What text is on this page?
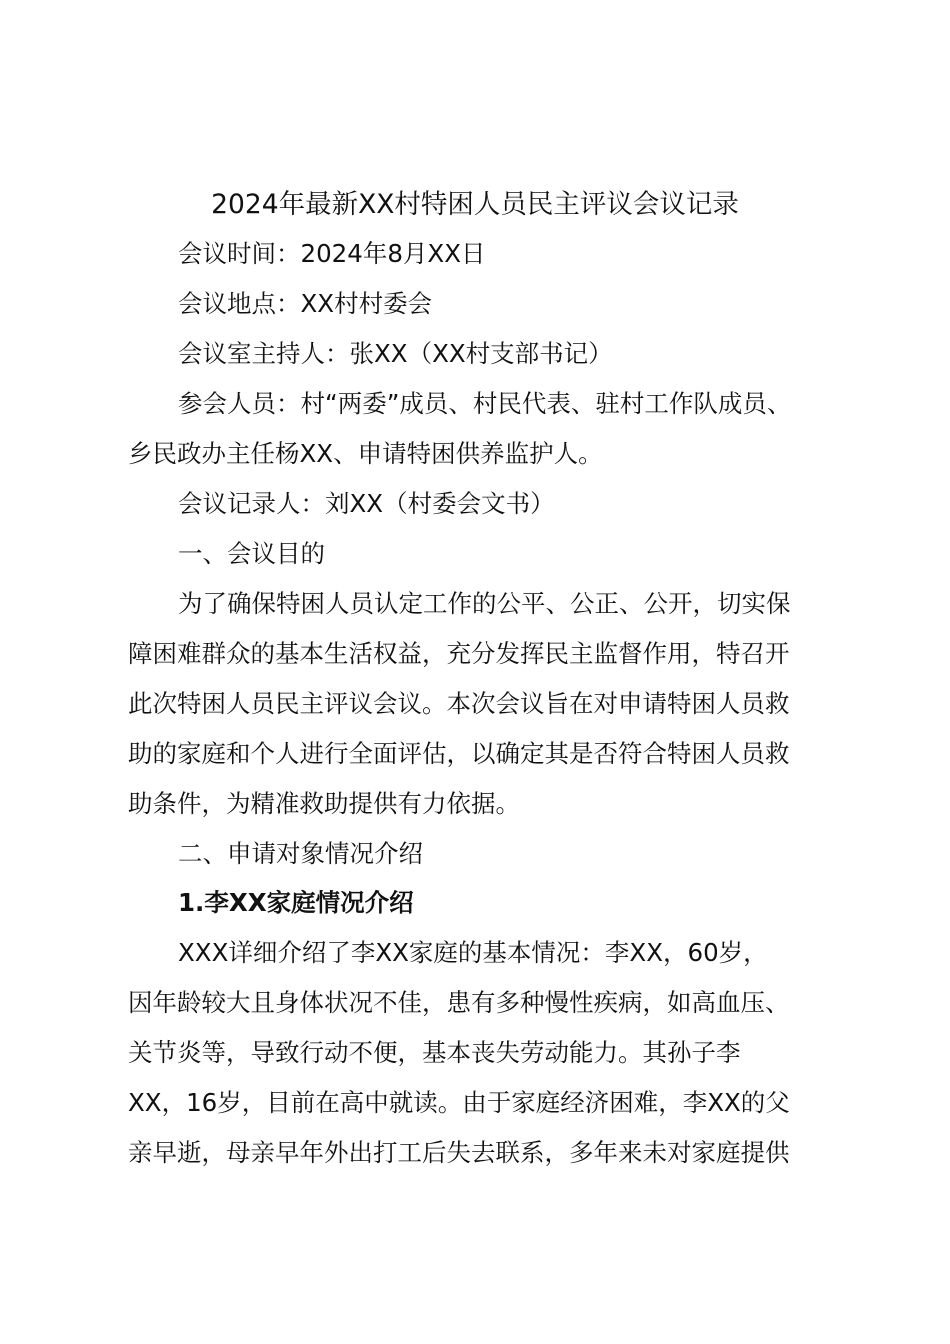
2024年最新XX村特困人员民主评议会议记录

会议时间：2024年8月XX日

会议地点：XX村村委会

会议室主持人：张XX（XX村支部书记）

参会人员：村“两委”成员、村民代表、驻村工作队成员、

乡民政办主任杨XX、申请特困供养监护人。

会议记录人：刘XX（村委会文书）

一、会议目的

为了确保特困人员认定工作的公平、公正、公开，切实保

障困难群众的基本生活权益，充分发挥民主监督作用，特召开

此次特困人员民主评议会议。本次会议旨在对申请特困人员救

助的家庭和个人进行全面评估，以确定其是否符合特困人员救

助条件，为精准救助提供有力依据。

二、申请对象情况介绍

1.李XX家庭情况介绍

XXX详细介绍了李XX家庭的基本情况：李XX，60岁，

因年龄较大且身体状况不佳，患有多种慢性疾病，如高血压、

关节炎等，导致行动不便，基本丧失劳动能力。其孙子李

XX，16岁，目前在高中就读。由于家庭经济困难，李XX的父

亲早逝，母亲早年外出打工后失去联系，多年来未对家庭提供
